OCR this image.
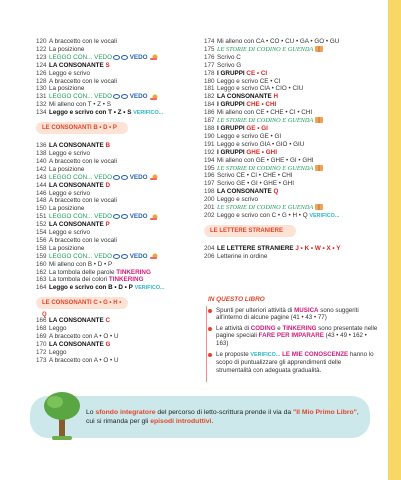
120 A braccetto con le vocali
122 La posizione
123 LEGGO CON... VEDO	VEDO
124 LA CONSONANTE S
126 Leggo e scrivo
128 A braccetto con le vocali
130 La posizione
131 LEGGO CON... VEDO	VEDO
132 Mi alleno con T • Z • S
134 Leggo e scrivo con T • Z • S VERIFICO...
LE CONSONANTI B • D • P
136 LA CONSONANTE B
138 Leggo e scrivo
140 A braccetto con le vocali
142 La posizione
143 LEGGO CON... VEDO	VEDO
144 LA CONSONANTE D
146 Leggo e scrivo
148 A braccetto con le vocali
150 La posizione
151 LEGGO CON... VEDO	VEDO
152 LA CONSONANTE P
154 Leggo e scrivo
156 A braccetto con le vocali
158 La posizione
159 LEGGO CON... VEDO	VEDO
160 Mi alleno con B • D • P
162 La tombola delle parole TINKERING
163 La tombola dei colori TINKERING
164 Leggo e scrivo con B • D • P VERIFICO...
LE CONSONANTI C • G • H • Q
166 LA CONSONANTE C
168 Leggo
169 A braccetto con A • O • U
170 LA CONSONANTE G
172 Leggo
173 A braccetto con A • O • U
174 Mi alleno con CA • CO • CU • GA • GO • GU
175 LE STORIE DI CODINO E GUENDA
176 Scrivo C
177 Scrivo G
178 I GRUPPI CE • CI
180 Leggo e scrivo CE • CI
181 Leggo e scrivo CIA • CIO • CIU
182 LA CONSONANTE H
184 I GRUPPI CHE • CHI
186 Mi alleno con CE • CHE • CI • CHI
187 LE STORIE DI CODINO E GUENDA
188 I GRUPPI GE • GI
190 Leggo e scrivo GE • GI
191 Leggo e scrivo GIA • GIO • GIU
192 I GRUPPI GHE • GHI
194 Mi alleno con GE • GHE • GI • GHI
195 LE STORIE DI CODINO E GUENDA
196 Scrivo CE • CI • CHE • CHI
197 Scrivo GE • GI • GHE • GHI
198 LA CONSONANTE Q
200 Leggo e scrivo
201 LE STORIE DI CODINO E GUENDA
202 Leggo e scrivo con C • G • H • Q VERIFICO...
LE LETTERE STRANIERE
204 LE LETTERE STRANIERE J • K • W • X • Y
206 Letterine in ordine
IN QUESTO LIBRO
Spunti per ulteriori attività di MUSICA sono suggeriti all'interno di alcune pagine (41 • 43 • 77)
Le attività di CODING e TINKERING sono presentate nelle pagine speciali FARE PER IMPARARE (43 • 49 • 162 • 163)
Le proposte VERIFICO... LE MIE CONOSCENZE hanno lo scopo di puntualizzare gli apprendimenti delle strumentalità con adeguata gradualità.
Lo sfondo integratore del percorso di letto-scrittura prende il via da "Il Mio Primo Libro", cui si rimanda per gli episodi introduttivi.
